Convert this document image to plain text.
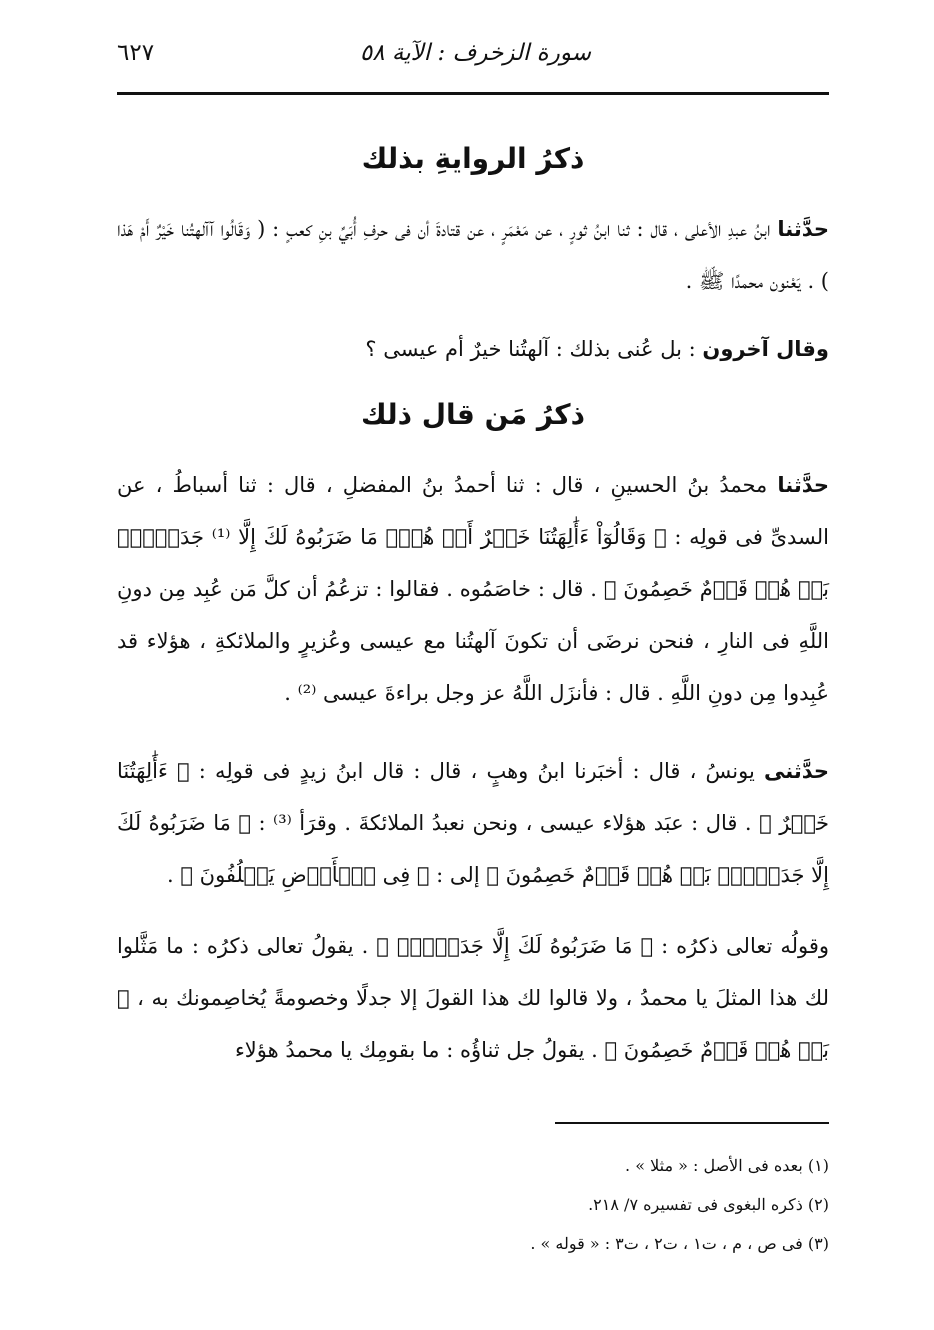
سورة الزخرف : الآية ٥٨
٦٢٧
ذكرُ الروايةِ بذلك
حدَّثنا ابنُ عبدِ الأعلى ، قال : ثنا ابنُ ثورٍ ، عن مَعْمَرٍ ، عن قتادةَ أن فى حرفِ أُبَيِّ بنِ كعبٍ : ( وَقَالُوا آآلهتُنا خَيْرٌ أَمْ هَذا ) . يَعْنون محمدًا ﷺ .
وقال آخرون : بل عُنى بذلك : آلهتُنا خيرٌ أم عيسى ؟
ذكرُ مَن قال ذلك
حدَّثنا محمدُ بنُ الحسينِ ، قال : ثنا أحمدُ بنُ المفضلِ ، قال : ثنا أسباطُ ، عن السدىِّ فى قولِه : ﴿ وَقَالُوٓاْ ءَأَٰلِهَتُنَا خَيۡرٌ أَمۡ هُوَۚ مَا ضَرَبُوهُ لَكَ إِلَّا ⁽¹⁾ جَدَلَۢاۚ بَلۡ هُمۡ قَوۡمٌ خَصِمُونَ ﴾ . قال : خاصَمُوه . فقالوا : تزعُمُ أن كلَّ مَن عُبِد مِن دونِ اللَّهِ فى النارِ ، فنحن نرضَى أن تكونَ آلهتُنا مع عيسى وعُزيرٍ والملائكةِ ، هؤلاء قد عُبِدوا مِن دونِ اللَّهِ . قال : فأنزَل اللَّهُ عز وجل براءةَ عيسى ⁽²⁾ .
حدَّثنى يونسُ ، قال : أخبَرنا ابنُ وهبٍ ، قال : قال ابنُ زيدٍ فى قولِه : ﴿ ءَأَٰلِهَتُنَا خَيۡرٌ ﴾ . قال : عبَد هؤلاء عيسى ، ونحن نعبدُ الملائكةَ . وقرَأ ⁽³⁾ : ﴿ مَا ضَرَبُوهُ لَكَ إِلَّا جَدَلَۢاۚ بَلۡ هُمۡ قَوۡمٌ خَصِمُونَ ﴾ إلى : ﴿ فِى ٱلۡأَرۡضِ يَخۡلُفُونَ ﴾ .
وقولُه تعالى ذكرُه : ﴿ مَا ضَرَبُوهُ لَكَ إِلَّا جَدَلَۢاۚ ﴾ . يقولُ تعالى ذكرُه : ما مَثَّلوا لك هذا المثلَ يا محمدُ ، ولا قالوا لك هذا القولَ إلا جدلًا وخصومةً يُخاصِمونك به ، ﴿ بَلۡ هُمۡ قَوۡمٌ خَصِمُونَ ﴾ . يقولُ جل ثناؤُه : ما بقومِك يا محمدُ هؤلاء
(١) بعده فى الأصل : « مثلا » .
(٢) ذكره البغوى فى تفسيره ٧/ ٢١٨.
(٣) فى ص ، م ، ت١ ، ت٢ ، ت٣ : « قوله » .
